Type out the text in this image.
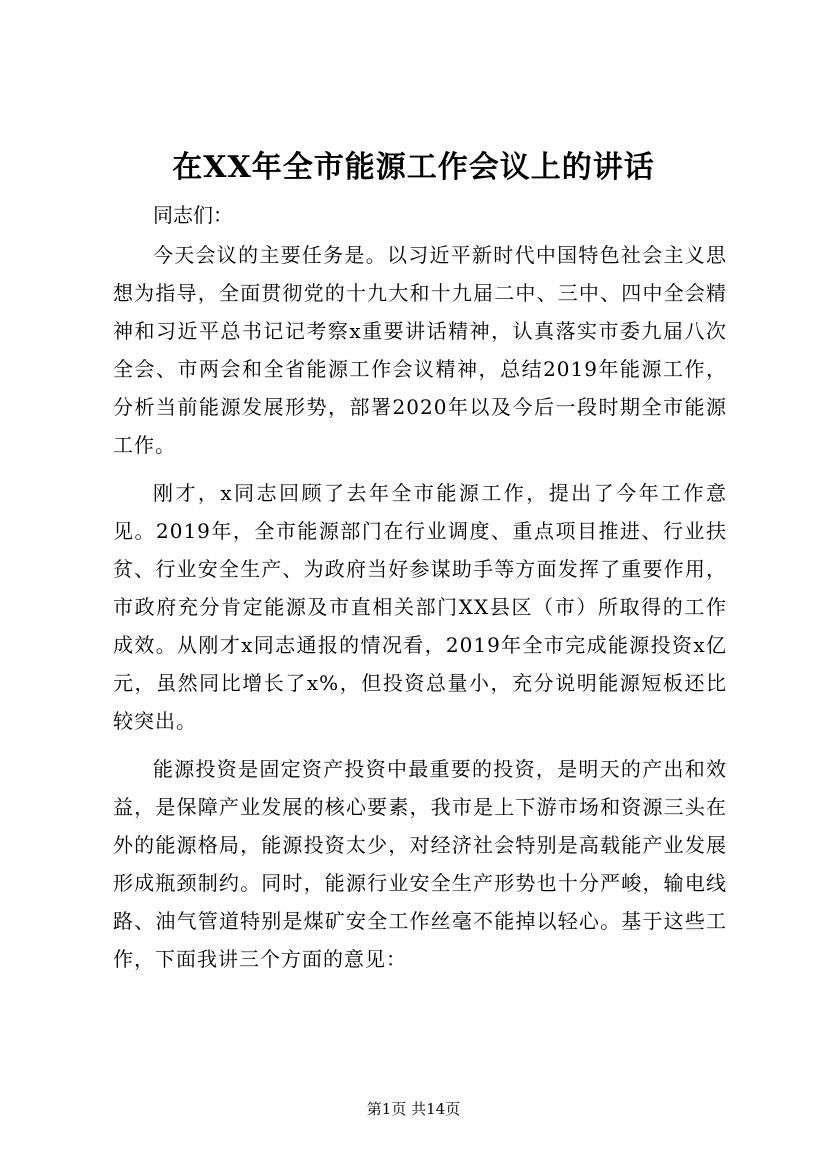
在XX年全市能源工作会议上的讲话

同志们：

今天会议的主要任务是。以习近平新时代中国特色社会主义思想为指导，全面贯彻党的十九大和十九届二中、三中、四中全会精神和习近平总书记记考察x重要讲话精神，认真落实市委九届八次全会、市两会和全省能源工作会议精神，总结2019年能源工作，分析当前能源发展形势，部署2020年以及今后一段时期全市能源工作。

刚才，x同志回顾了去年全市能源工作，提出了今年工作意见。2019年，全市能源部门在行业调度、重点项目推进、行业扶贫、行业安全生产、为政府当好参谋助手等方面发挥了重要作用，市政府充分肯定能源及市直相关部门XX县区（市）所取得的工作成效。从刚才x同志通报的情况看，2019年全市完成能源投资x亿元，虽然同比增长了x%，但投资总量小，充分说明能源短板还比较突出。

能源投资是固定资产投资中最重要的投资，是明天的产出和效益，是保障产业发展的核心要素，我市是上下游市场和资源三头在外的能源格局，能源投资太少，对经济社会特别是高载能产业发展形成瓶颈制约。同时，能源行业安全生产形势也十分严峻，输电线路、油气管道特别是煤矿安全工作丝毫不能掉以轻心。基于这些工作，下面我讲三个方面的意见：

第1页 共14页
